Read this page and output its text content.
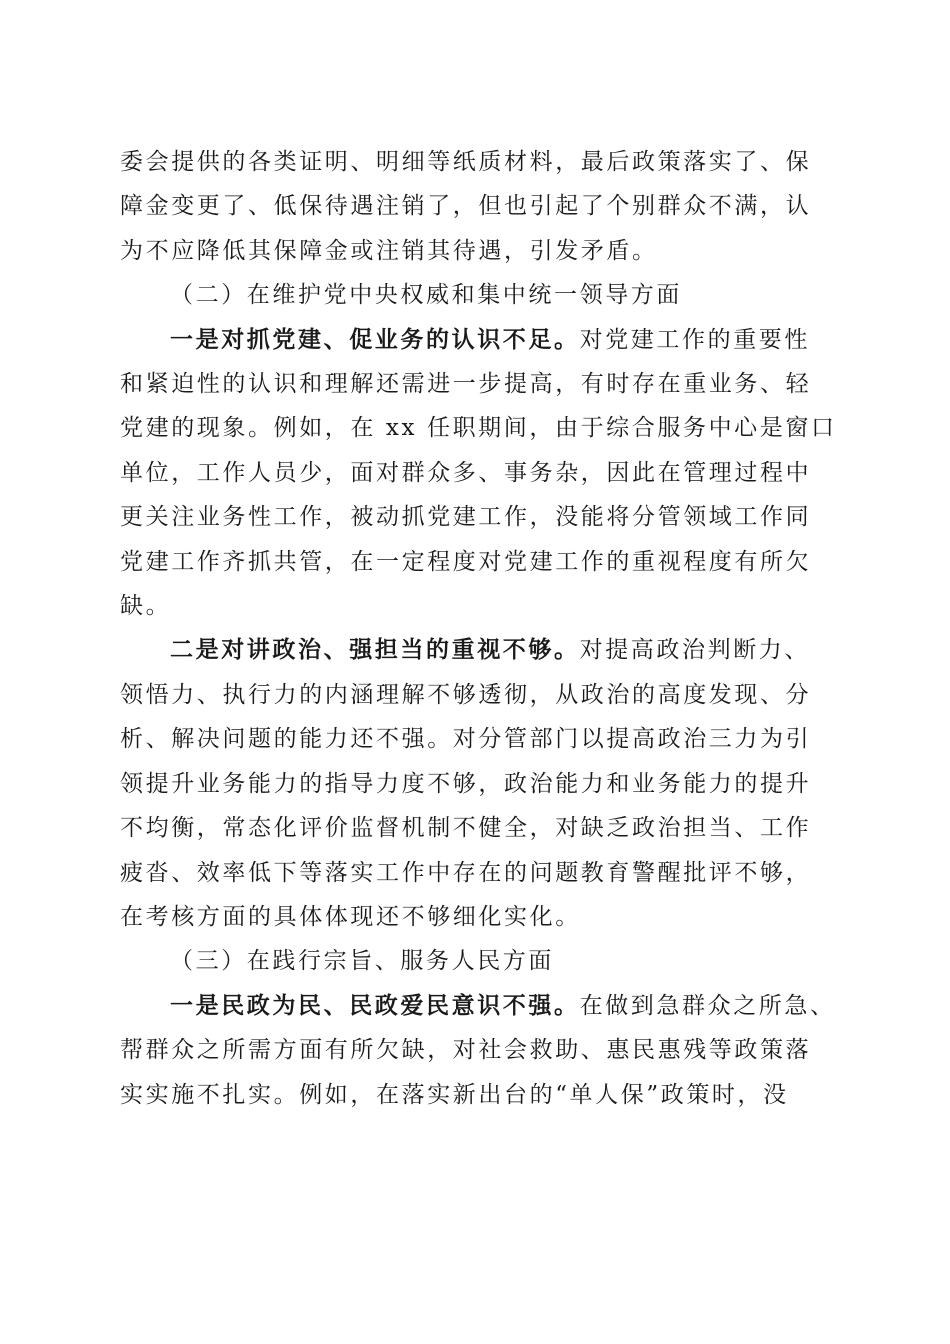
委会提供的各类证明、明细等纸质材料，最后政策落实了、保
障金变更了、低保待遇注销了，但也引起了个别群众不满，认
为不应降低其保障金或注销其待遇，引发矛盾。

（二）在维护党中央权威和集中统一领导方面

一是对抓党建、促业务的认识不足。对党建工作的重要性
和紧迫性的认识和理解还需进一步提高，有时存在重业务、轻
党建的现象。例如，在 xx 任职期间，由于综合服务中心是窗口
单位，工作人员少，面对群众多、事务杂，因此在管理过程中
更关注业务性工作，被动抓党建工作，没能将分管领域工作同
党建工作齐抓共管，在一定程度对党建工作的重视程度有所欠
缺。

二是对讲政治、强担当的重视不够。对提高政治判断力、
领悟力、执行力的内涵理解不够透彻，从政治的高度发现、分
析、解决问题的能力还不强。对分管部门以提高政治三力为引
领提升业务能力的指导力度不够，政治能力和业务能力的提升
不均衡，常态化评价监督机制不健全，对缺乏政治担当、工作
疲沓、效率低下等落实工作中存在的问题教育警醒批评不够，
在考核方面的具体体现还不够细化实化。

（三）在践行宗旨、服务人民方面

一是民政为民、民政爱民意识不强。在做到急群众之所急、
帮群众之所需方面有所欠缺，对社会救助、惠民惠残等政策落
实实施不扎实。例如，在落实新出台的“单人保”政策时，没
